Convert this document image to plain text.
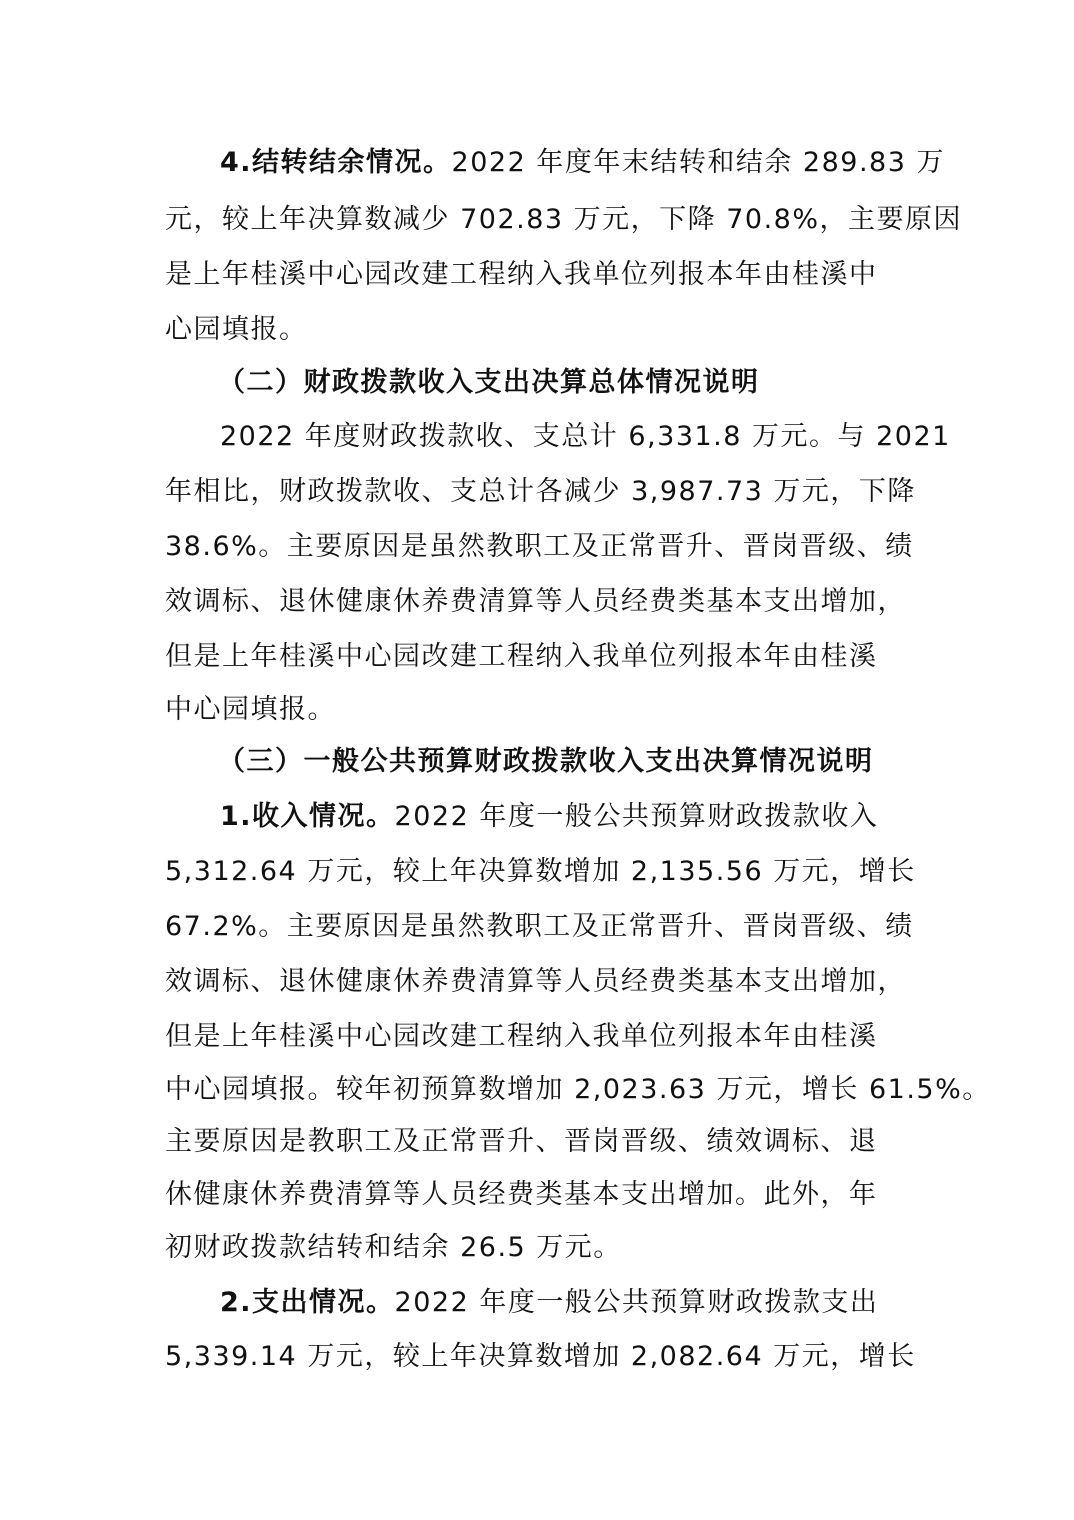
4.结转结余情况。2022 年度年末结转和结余 289.83 万
元，较上年决算数减少 702.83 万元，下降 70.8%，主要原因
是上年桂溪中心园改建工程纳入我单位列报本年由桂溪中
心园填报。
（二）财政拨款收入支出决算总体情况说明
2022 年度财政拨款收、支总计 6,331.8 万元。与 2021
年相比，财政拨款收、支总计各减少 3,987.73 万元，下降
38.6%。主要原因是虽然教职工及正常晋升、晋岗晋级、绩
效调标、退休健康休养费清算等人员经费类基本支出增加，
但是上年桂溪中心园改建工程纳入我单位列报本年由桂溪
中心园填报。
（三）一般公共预算财政拨款收入支出决算情况说明
1.收入情况。2022 年度一般公共预算财政拨款收入
5,312.64 万元，较上年决算数增加 2,135.56 万元，增长
67.2%。主要原因是虽然教职工及正常晋升、晋岗晋级、绩
效调标、退休健康休养费清算等人员经费类基本支出增加，
但是上年桂溪中心园改建工程纳入我单位列报本年由桂溪
中心园填报。较年初预算数增加 2,023.63 万元，增长 61.5%。
主要原因是教职工及正常晋升、晋岗晋级、绩效调标、退
休健康休养费清算等人员经费类基本支出增加。此外，年
初财政拨款结转和结余 26.5 万元。
2.支出情况。2022 年度一般公共预算财政拨款支出
5,339.14 万元，较上年决算数增加 2,082.64 万元，增长
